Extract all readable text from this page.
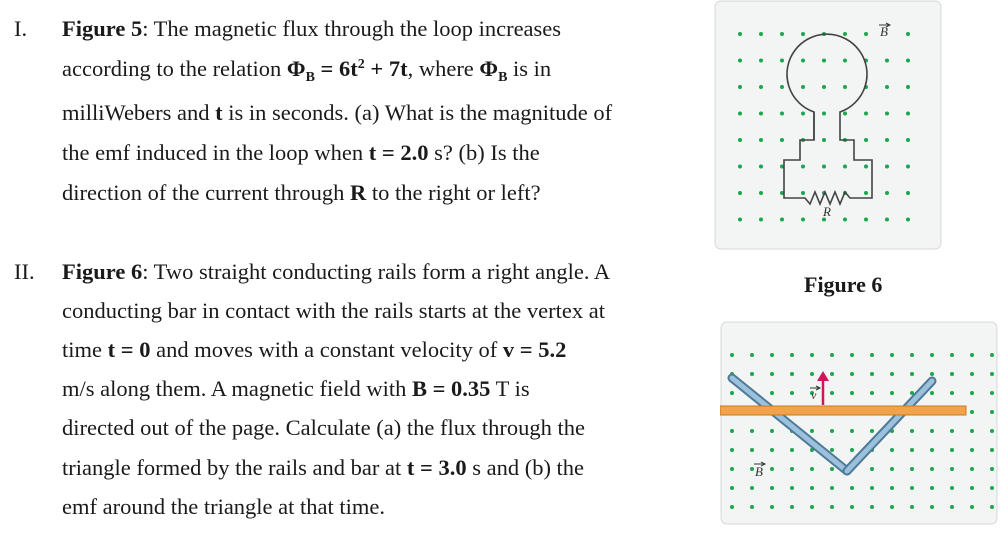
I. Figure 5: The magnetic flux through the loop increases
according to the relation $\Phi_B = 6t^2 + 7t$, where $\Phi_B$ is in
milliWebers and t is in seconds. (a) What is the magnitude of
the emf induced in the loop when t = 2.0 s? (b) Is the
direction of the current through R to the right or left?
II. Figure 6: Two straight conducting rails form a right angle. A
conducting bar in contact with the rails starts at the vertex at
time t = 0 and moves with a constant velocity of v = 5.2
m/s along them. A magnetic field with B = 0.35 T is
directed out of the page. Calculate (a) the flux through the
triangle formed by the rails and bar at t = 3.0 s and (b) the
emf around the triangle at that time.
B
R
Figure 6
v
B
